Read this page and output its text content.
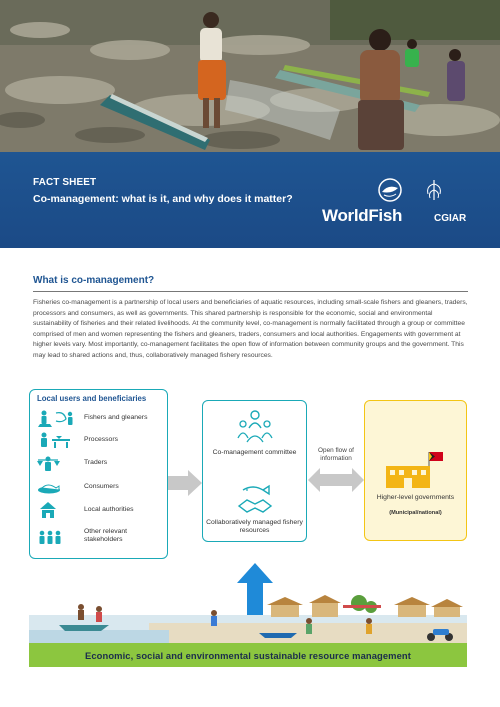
FACT SHEET
Co-management: what is it, and why does it matter?
WorldFish	CGIAR
What is co-management?
Fisheries co-management is a partnership of local users and beneficiaries of aquatic resources, including small-scale fishers and gleaners, traders, processors and consumers, as well as governments. This shared partnership is responsible for the economic, social and environmental sustainability of fisheries and their related livelihoods. At the community level, co-management is normally facilitated through a group or committee comprised of men and women representing the fishers and gleaners, traders, consumers and local authorities. Engagements with government at higher levels vary. Most importantly, co-management facilitates the open flow of information between community groups and the government. This may lead to shared actions and, thus, collaboratively managed fishery resources.
Local users and beneficiaries
Fishers and gleaners
Processors
Traders
Consumers
Local authorities
Other relevant stakeholders
Co-management committee
Collaboratively managed fishery resources
Open flow of information
Higher-level governments
(Municipal/national)
Economic, social and environmental sustainable resource management
